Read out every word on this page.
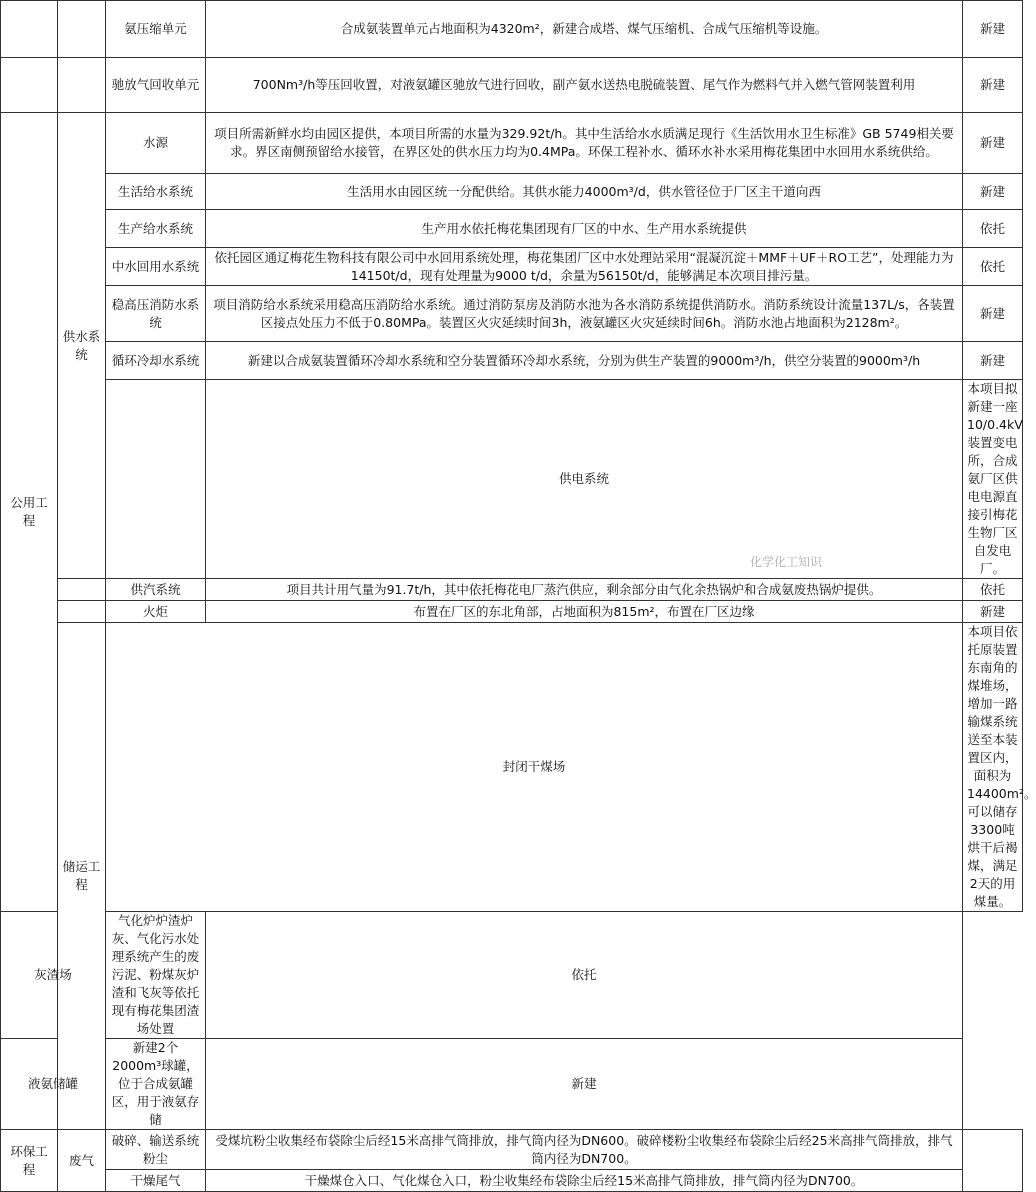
		氨压缩单元	合成氨装置单元占地面积为4320m²，新建合成塔、煤气压缩机、合成气压缩机等设施。	新建	
		驰放气回收单元	700Nm³/h等压回收置，对液氨罐区驰放气进行回收，副产氨水送热电脱硫装置、尾气作为燃料气并入燃气管网装置利用	新建	
公用工程	供水系统	水源	项目所需新鲜水均由园区提供，本项目所需的水量为329.92t/h。其中生活给水水质满足现行《生活饮用水卫生标准》GB 5749相关要求。界区南侧预留给水接管，在界区处的供水压力均为0.4MPa。环保工程补水、循环水补水采用梅花集团中水回用水系统供给。	新建	
		生活给水系统	生活用水由园区统一分配供给。其供水能力4000m³/d，供水管径位于厂区主干道向西	新建	
		生产给水系统	生产用水依托梅花集团现有厂区的中水、生产用水系统提供	依托	
		中水回用水系统	依托园区通辽梅花生物科技有限公司中水回用系统处理，梅花集团厂区中水处理站采用“混凝沉淀＋MMF＋UF＋RO工艺”，处理能力为14150t/d，现有处理量为9000 t/d，余量为56150t/d，能够满足本次项目排污量。	依托	
		稳高压消防水系统	项目消防给水系统采用稳高压消防给水系统。通过消防泵房及消防水池为各水消防系统提供消防水。消防系统设计流量137L/s，各装置区接点处压力不低于0.80MPa。装置区火灾延续时间3h，液氨罐区火灾延续时间6h。消防水池占地面积为2128m²。	新建	
		循环冷却水系统	新建以合成氨装置循环冷却水系统和空分装置循环冷却水系统，分别为供生产装置的9000m³/h，供空分装置的9000m³/h	新建	
			供电系统	本项目拟新建一座10/0.4kV装置变电所，合成氨厂区供电电源直接引梅花生物厂区自发电厂。	
		供汽系统	项目共计用气量为91.7t/h，其中依托梅花电厂蒸汽供应，剩余部分由气化余热锅炉和合成氨废热锅炉提供。	依托	
		火炬	布置在厂区的东北角部，占地面积为815m²，布置在厂区边缘	新建	
	储运工程	封闭干煤场		本项目依托原装置东南角的煤堆场，增加一路输煤系统送至本装置区内，面积为14400m²。可以储存3300吨烘干后褐煤，满足2天的用煤量。	
灰渣场		气化炉炉渣炉灰、气化污水处理系统产生的废污泥、粉煤灰炉渣和飞灰等依托现有梅花集团渣场处置	依托		
液氨储罐		新建2个2000m³球罐，位于合成氨罐区，用于液氨存储	新建		
环保工程	废气	破碎、输送系统粉尘	受煤坑粉尘收集经布袋除尘后经15米高排气筒排放，排气筒内径为DN600。破碎楼粉尘收集经布袋除尘后经25米高排气筒排放，排气筒内径为DN700。		
		干燥尾气	干燥煤仓入口、气化煤仓入口，粉尘收集经布袋除尘后经15米高排气筒排放，排气筒内径为DN700。		
化学化工知识
